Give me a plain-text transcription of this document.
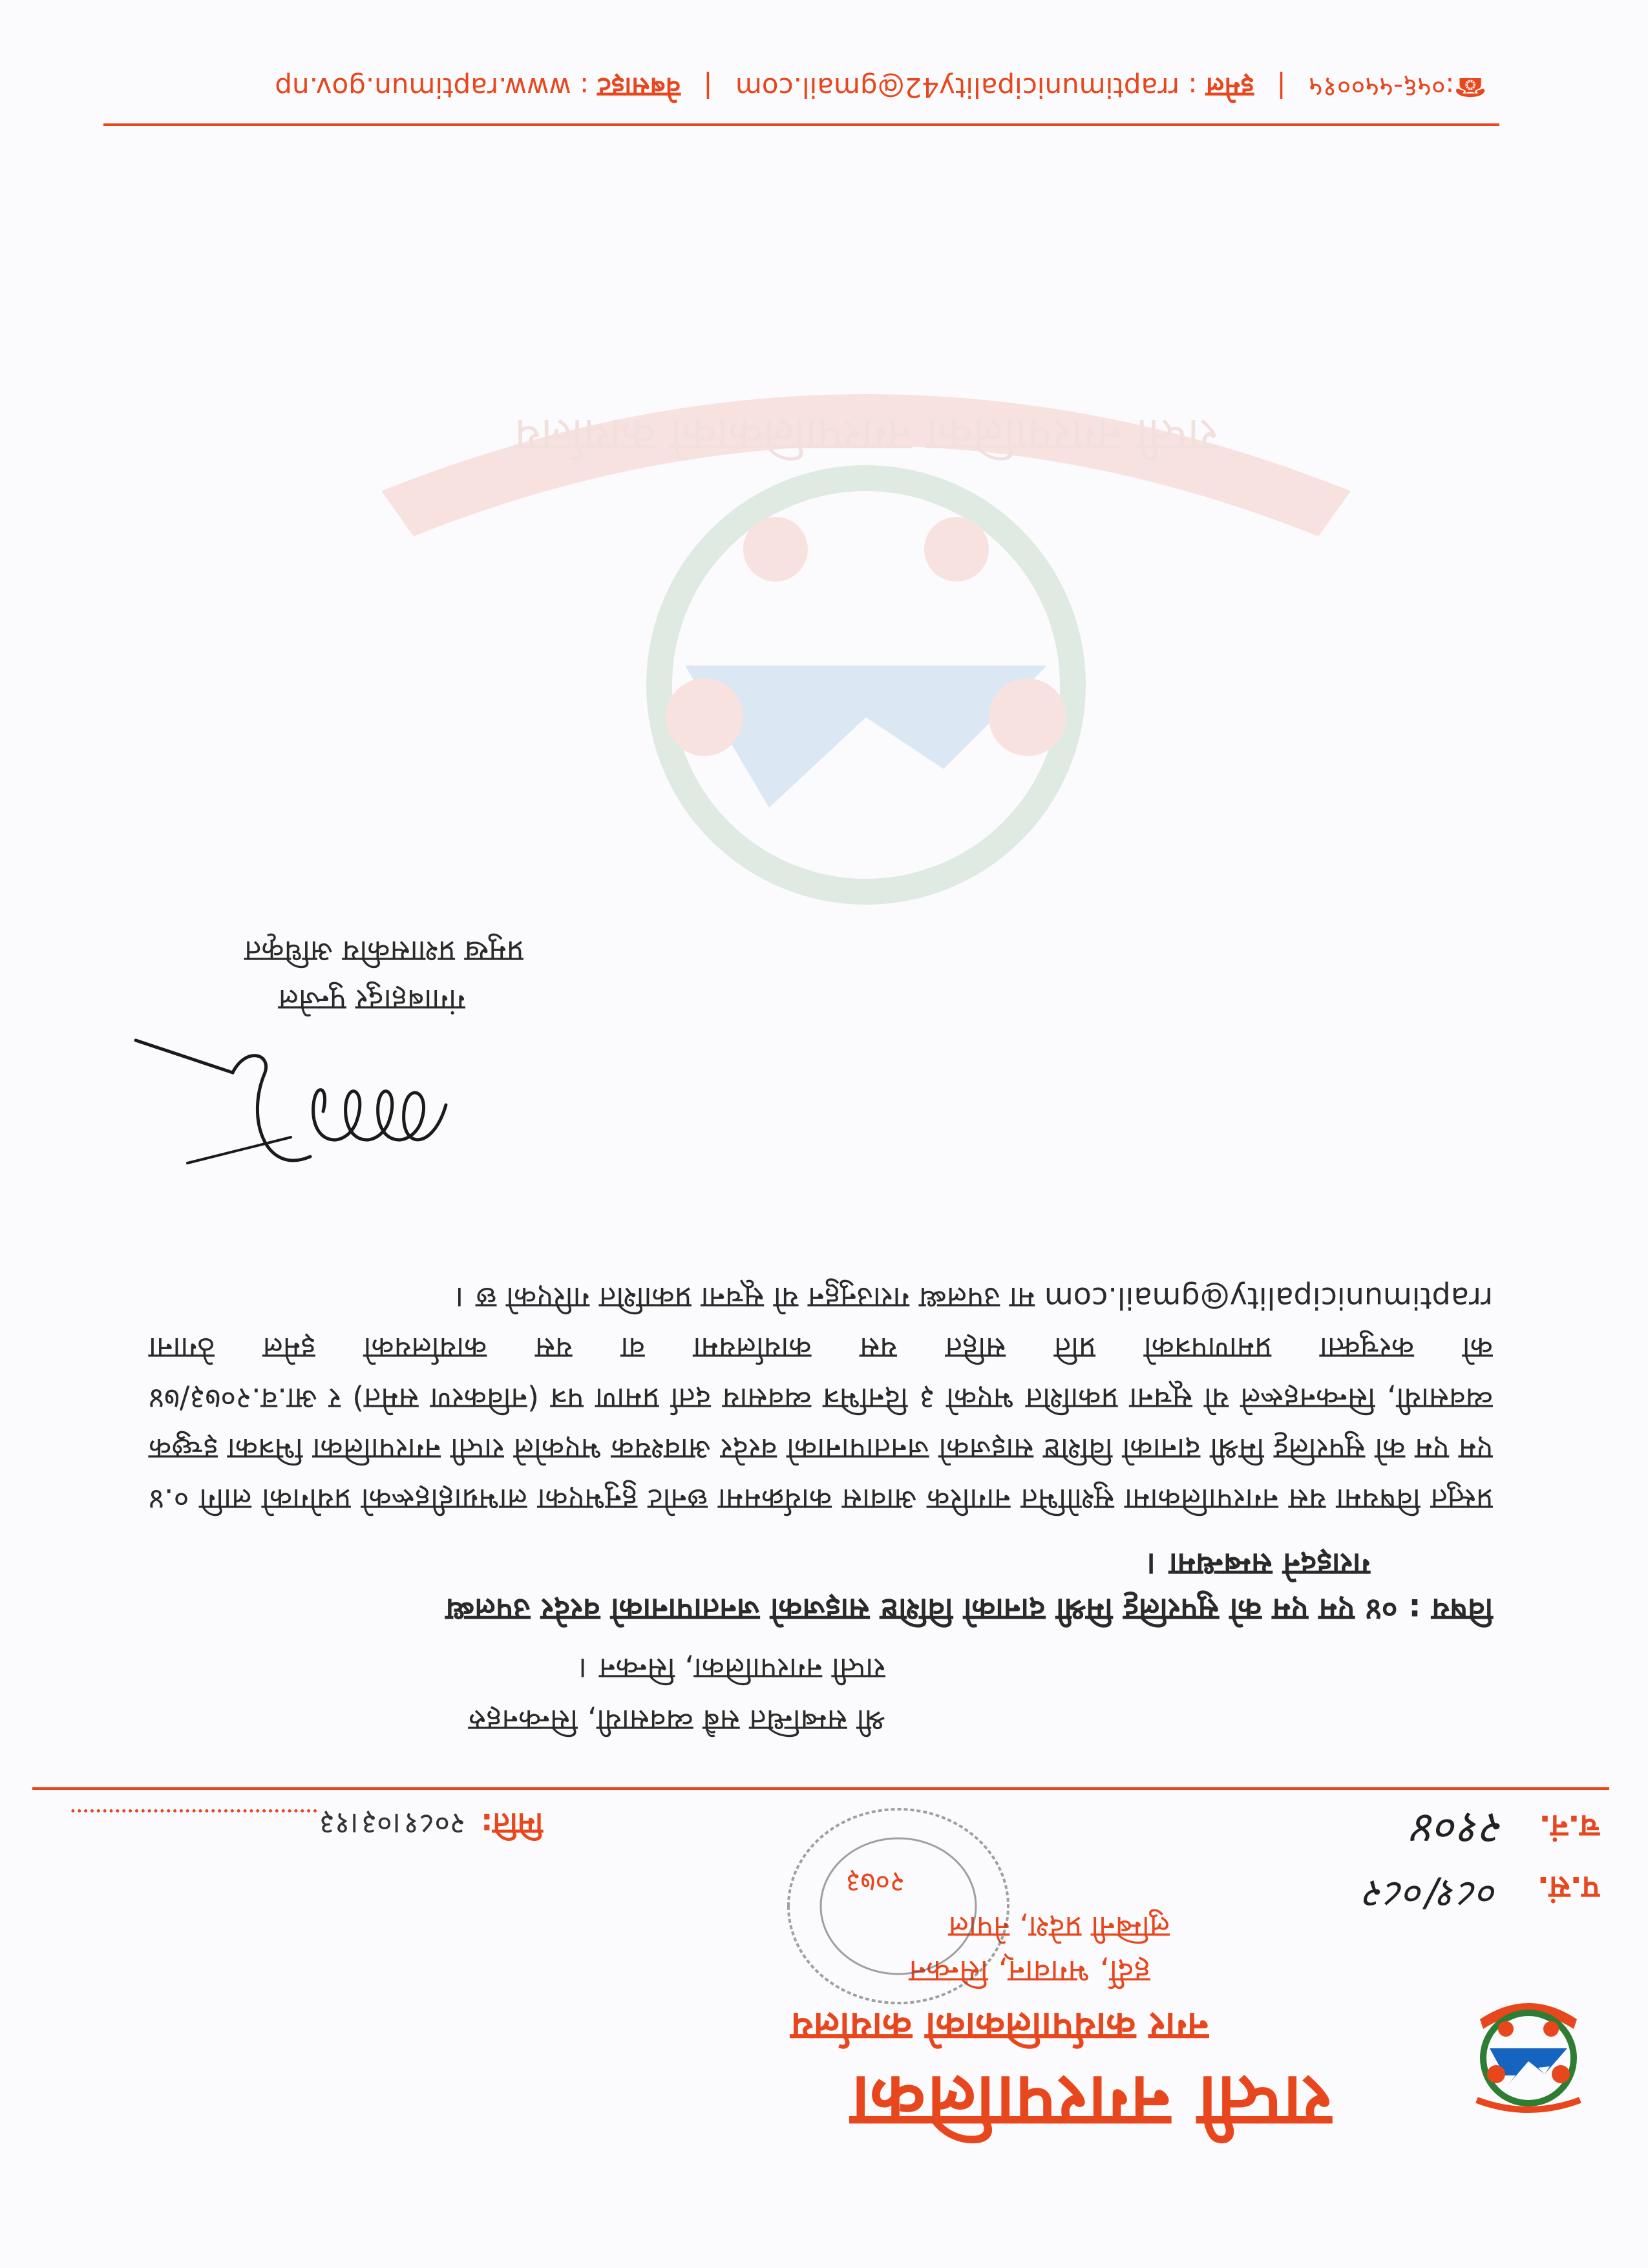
राप्ती नगरपालिका नगरपालिकाको कार्यालय
राप्ती नगरपालिका
नगर कार्यपालिकाको कार्यालय
हर्दी, भगवान्, सिन्कन
लुम्बिनी प्रदेश, नेपाल
२०७३	प.सं.
०८१/०८२
च.नं.
२१०४
मिति:
२०८१।०३।१३
श्री सम्बन्धित सबै व्यवसायी, सिन्कनहरु
राप्ती नगरपालिका, सिन्कन ।
विषय : ०४ एम एम को सुपरलिट्ट मिश्री दानाको विशिष्ट साइजको जनतापानाको वरदेर उपलब्ध
गराइदने सम्बन्धमा ।
प्रस्तुत विषयमा यस नगरपालिकामा सुशोभित नागरिक आवास कार्यक्रममा छनोट हुनुभएका लाभग्राहीहरूको प्रयोगको लागि ०.४ एम एम को सुपरलिट्ट मिश्री दानाको विशिष्ट साइजको जनतापानाको वरदेर आवश्यक भएकोले राप्ती नगरपालिका भित्रका इच्छुक व्यवसायी, सिन्कनहरूले यो सूचना प्रकाशित भएको ३ दिनभित्र व्यवसाय दर्ता प्रमाण पत्र (नविकरण समेत) र आ.व.२०७३/७४ को करचुक्ता प्रमाणपत्रको प्रति सहित यस कार्यालयमा वा यस कार्यालयको इमेल ठेगाना rraptimunicipality@gmail.com मा उपलब्ध गराउनुहुन यो सूचना प्रकाशित गरिएको छ ।
गंगाबहादुर पुन्जेल
प्रमुख प्रशासकीय अधिकृत
☎:०५६-५५००१५ | इमेल : rraptimunicipality42@gmail.com | वेबसाइट : www.raptimun.gov.np
